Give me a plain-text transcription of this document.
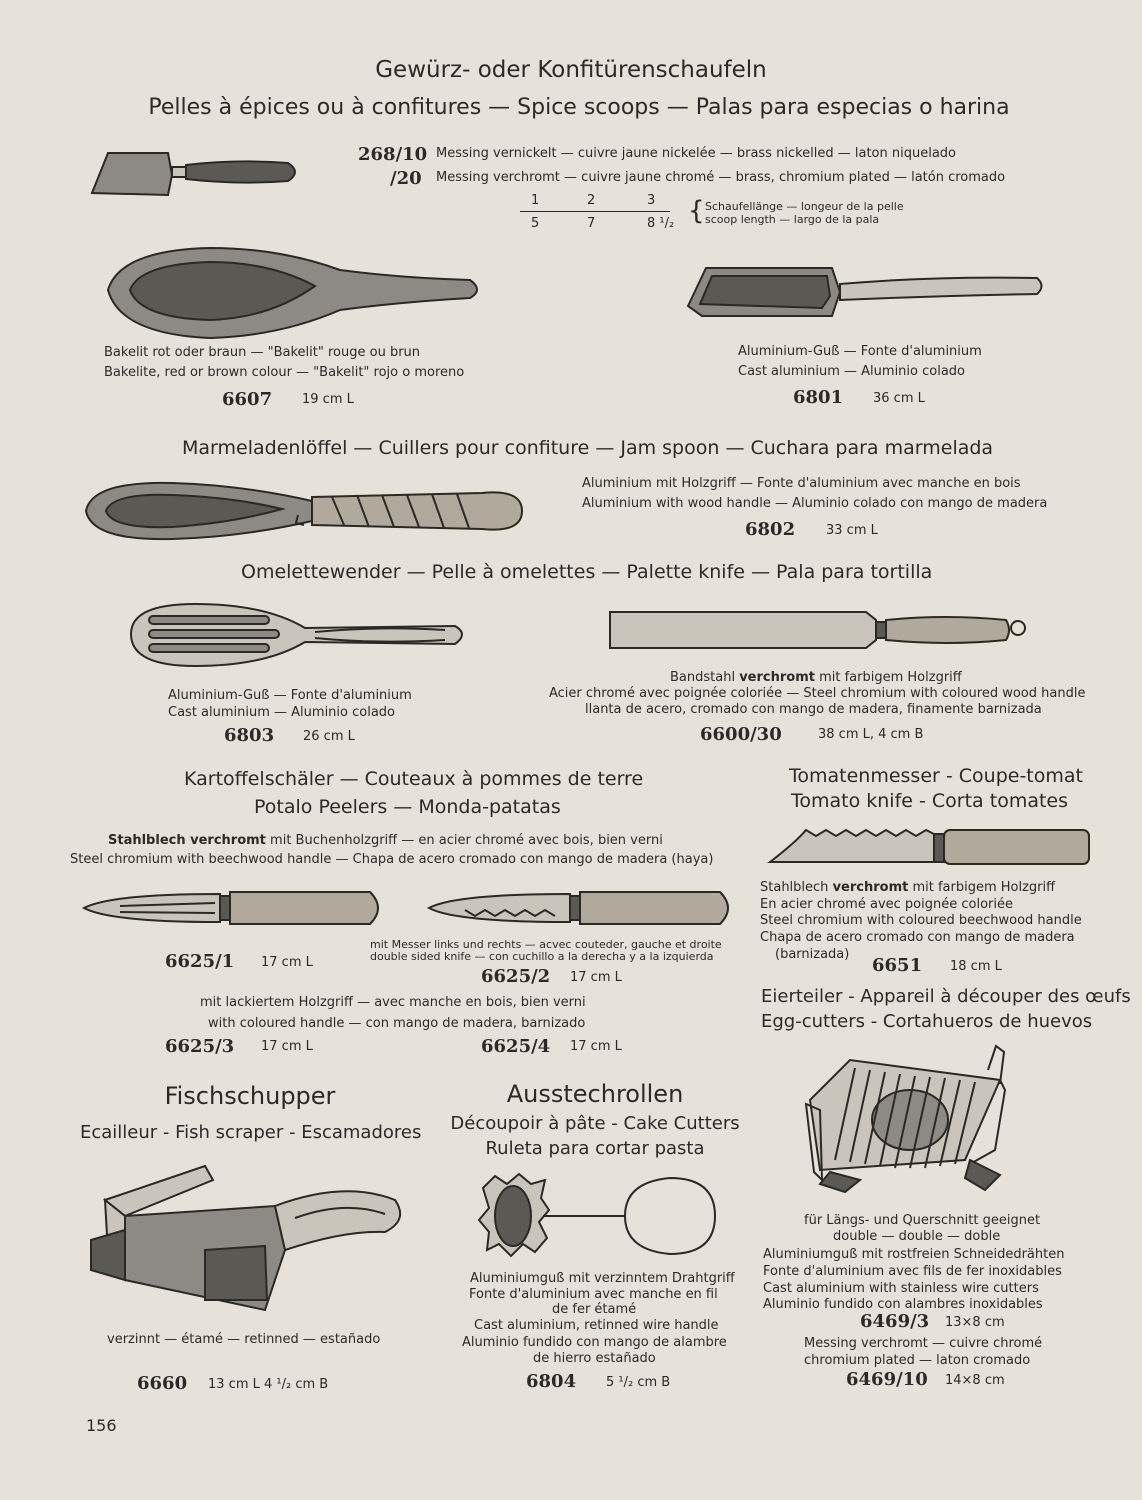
Gewürz- oder Konfitürenschaufeln
Pelles à épices ou à confitures — Spice scoops — Palas para especias o harina
268/10 Messing vernickelt — cuivre jaune nickelée — brass nickelled — laton niquelado
/20 Messing verchromt — cuivre jaune chromé — brass, chromium plated — latón cromado
1	2	3
5	7	8 ¹/₂ { Schaufellänge — longeur de la pelle
scoop length — largo de la pala
Bakelit rot oder braun — "Bakelit" rouge ou brun
Bakelite, red or brown colour — "Bakelit" rojo o moreno
6607 19 cm L
Aluminium-Guß — Fonte d'aluminium
Cast aluminium — Aluminio colado
6801 36 cm L
Marmeladenlöffel — Cuillers pour confiture — Jam spoon — Cuchara para marmelada
Aluminium mit Holzgriff — Fonte d'aluminium avec manche en bois
Aluminium with wood handle — Aluminio colado con mango de madera
6802 33 cm L
Omelettewender — Pelle à omelettes — Palette knife — Pala para tortilla
Aluminium-Guß — Fonte d'aluminium
Cast aluminium — Aluminio colado
6803 26 cm L
Bandstahl verchromt mit farbigem Holzgriff
Acier chromé avec poignée coloriée — Steel chromium with coloured wood handle
llanta de acero, cromado con mango de madera, finamente barnizada
6600/30	38 cm L, 4 cm B
Kartoffelschäler — Couteaux à pommes de terre
Potalo Peelers — Monda-patatas
Stahlblech verchromt mit Buchenholzgriff — en acier chromé avec bois, bien verni
Steel chromium with beechwood handle — Chapa de acero cromado con mango de madera (haya)
6625/1 17 cm L
mit Messer links und rechts — acvec couteder, gauche et droite
double sided knife — con cuchillo a la derecha y a la izquierda
6625/2 17 cm L
mit lackiertem Holzgriff — avec manche en bois, bien verni
with coloured handle — con mango de madera, barnizado
6625/3 17 cm L	6625/4 17 cm L
Tomatenmesser - Coupe-tomat
Tomato knife - Corta tomates
Stahlblech verchromt mit farbigem Holzgriff
En acier chromé avec poignée coloriée
Steel chromium with coloured beechwood handle
Chapa de acero cromado con mango de madera
(barnizada)
6651 18 cm L
Eierteiler - Appareil à découper des œufs
Egg-cutters - Cortahueros de huevos
für Längs- und Querschnitt geeignet
double — double — doble
Aluminiumguß mit rostfreien Schneidedrähten
Fonte d'aluminium avec fils de fer inoxidables
Cast aluminium with stainless wire cutters
Aluminio fundido con alambres inoxidables
6469/3 13×8 cm
Messing verchromt — cuivre chromé
chromium plated — laton cromado
6469/10 14×8 cm
Fischschupper
Ecailleur - Fish scraper - Escamadores
verzinnt — étamé — retinned — estañado
6660 13 cm L 4 ¹/₂ cm B
Ausstechrollen
Découpoir à pâte - Cake Cutters
Ruleta para cortar pasta
Aluminiumguß mit verzinntem Drahtgriff
Fonte d'aluminium avec manche en fil
de fer étamé
Cast aluminium, retinned wire handle
Aluminio fundido con mango de alambre
de hierro estañado
6804 5 ¹/₂ cm B
156
